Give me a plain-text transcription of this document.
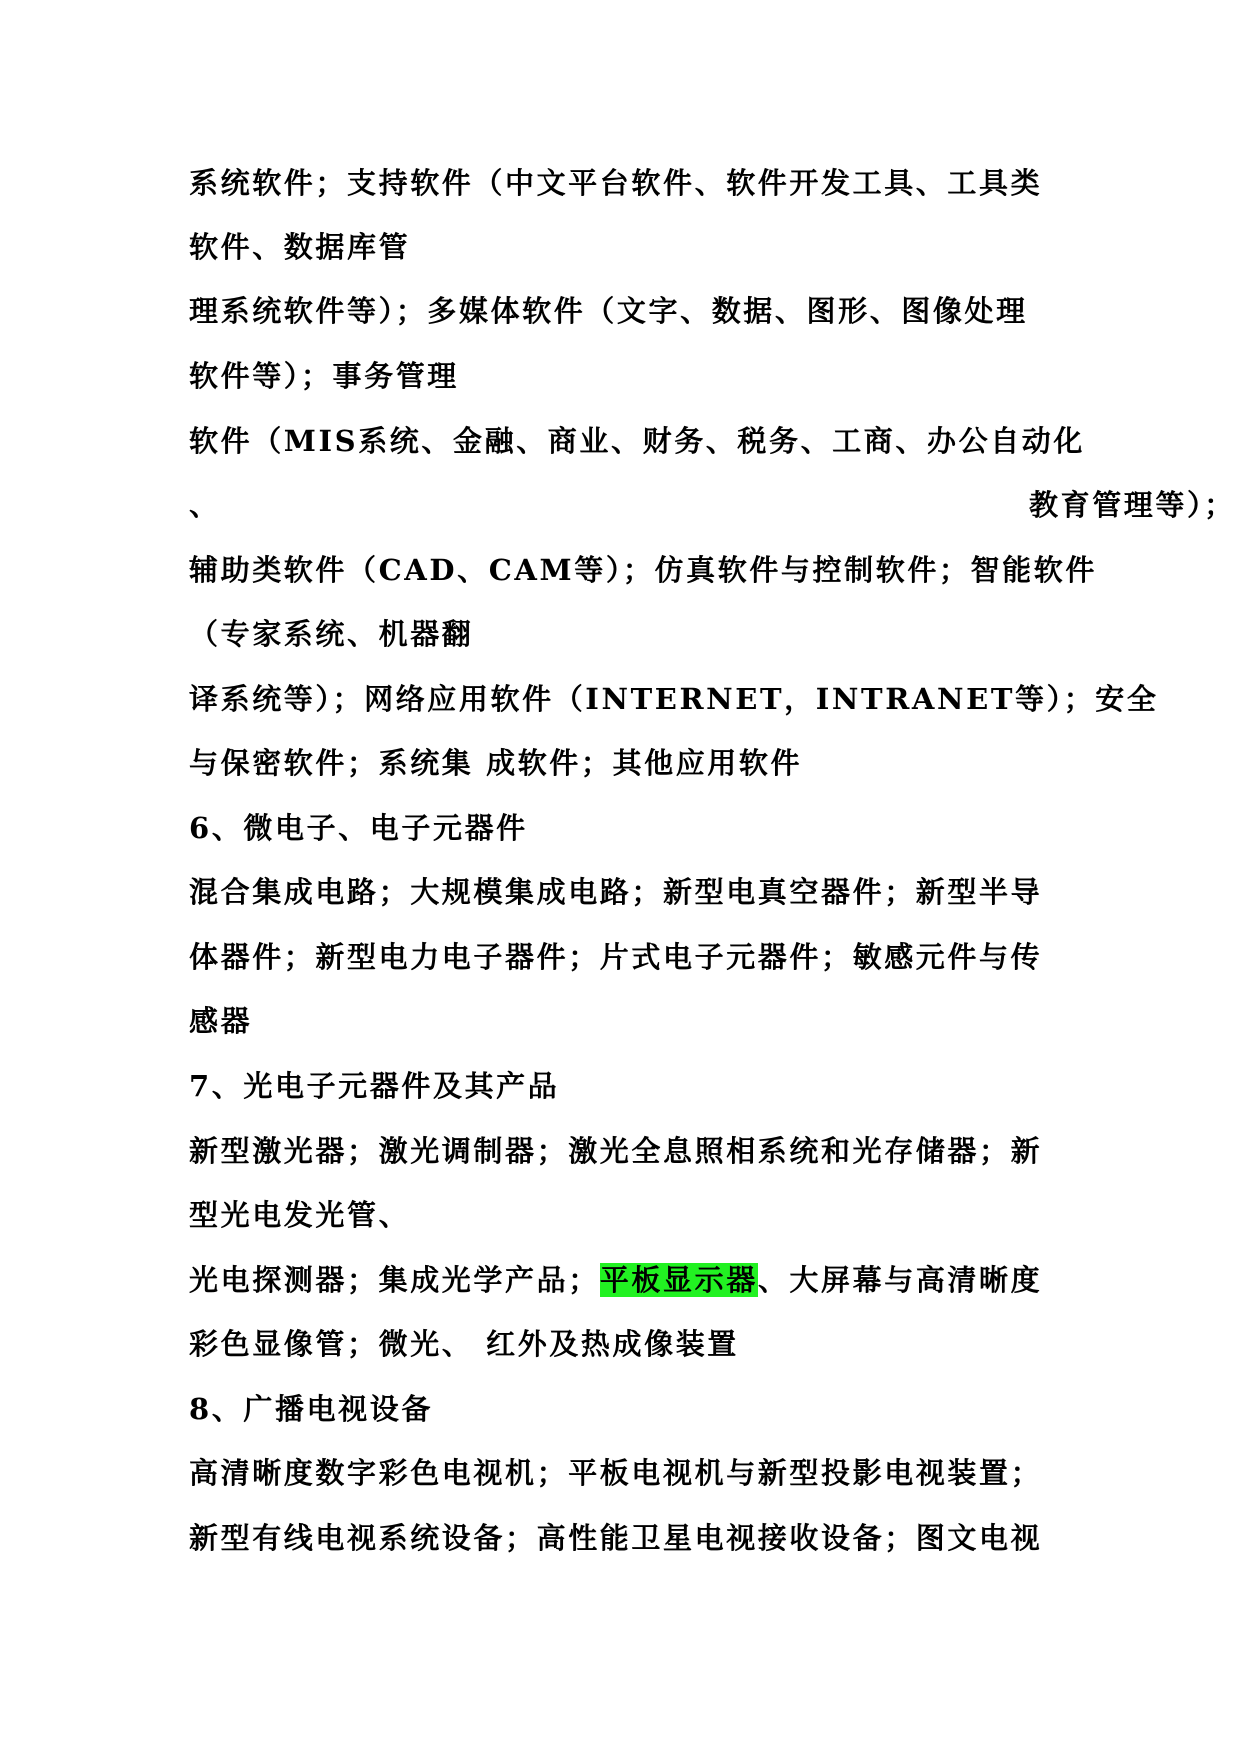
系统软件；支持软件（中文平台软件、软件开发工具、工具类
软件、数据库管
理系统软件等）；多媒体软件（文字、数据、图形、图像处理
软件等）；事务管理
软件（MIS系统、金融、商业、财务、税务、工商、办公自动化
、	教育管理等）；
辅助类软件（CAD、CAM等）；仿真软件与控制软件；智能软件
（专家系统、机器翻
译系统等）；网络应用软件（INTERNET，INTRANET等）；安全
与保密软件；系统集 成软件；其他应用软件
6、微电子、电子元器件
混合集成电路；大规模集成电路；新型电真空器件；新型半导
体器件；新型电力电子器件；片式电子元器件；敏感元件与传
感器
7、光电子元器件及其产品
新型激光器；激光调制器；激光全息照相系统和光存储器；新
型光电发光管、
光电探测器；集成光学产品；平板显示器、大屏幕与高清晰度
彩色显像管；微光、 红外及热成像装置
8、广播电视设备
高清晰度数字彩色电视机；平板电视机与新型投影电视装置；
新型有线电视系统设备；高性能卫星电视接收设备；图文电视
